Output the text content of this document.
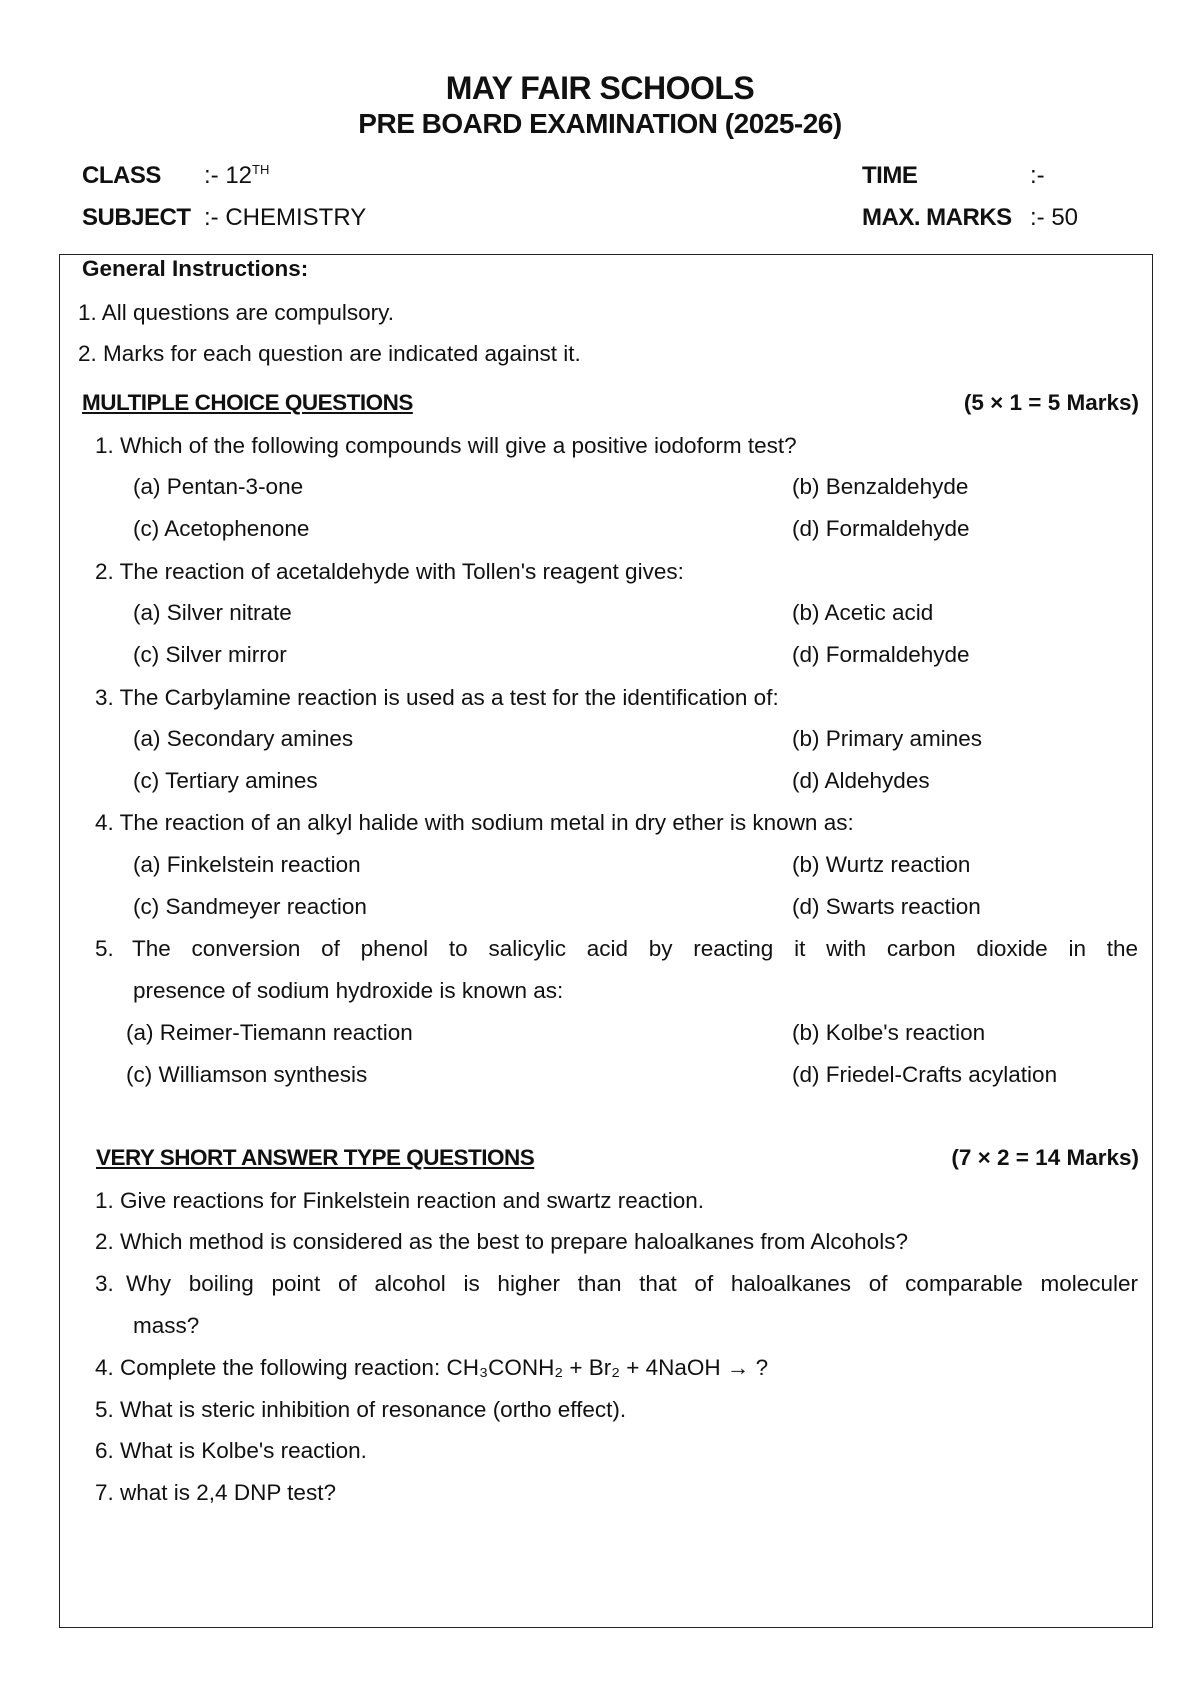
MAY FAIR SCHOOLS
PRE BOARD EXAMINATION (2025-26)
CLASS :- 12TH
SUBJECT :- CHEMISTRY
TIME	:-
MAX. MARKS :- 50
General Instructions:
1. All questions are compulsory.
2. Marks for each question are indicated against it.
MULTIPLE CHOICE QUESTIONS	(5 × 1 = 5 Marks)
1. Which of the following compounds will give a positive iodoform test?
(a) Pentan-3-one	(b) Benzaldehyde
(c) Acetophenone	(d) Formaldehyde
2. The reaction of acetaldehyde with Tollen's reagent gives:
(a) Silver nitrate	(b) Acetic acid
(c) Silver mirror	(d) Formaldehyde
3. The Carbylamine reaction is used as a test for the identification of:
(a) Secondary amines	(b) Primary amines
(c) Tertiary amines	(d) Aldehydes
4. The reaction of an alkyl halide with sodium metal in dry ether is known as:
(a) Finkelstein reaction	(b) Wurtz reaction
(c) Sandmeyer reaction	(d) Swarts reaction
5. The conversion of phenol to salicylic acid by reacting it with carbon dioxide in the
presence of sodium hydroxide is known as:
(a) Reimer-Tiemann reaction	(b) Kolbe's reaction
(c) Williamson synthesis	(d) Friedel-Crafts acylation
VERY SHORT ANSWER TYPE QUESTIONS	(7 × 2 = 14 Marks)
1. Give reactions for Finkelstein reaction and swartz reaction.
2. Which method is considered as the best to prepare haloalkanes from Alcohols?
3. Why boiling point of alcohol is higher than that of haloalkanes of comparable moleculer
mass?
4. Complete the following reaction: CH₃CONH₂ + Br₂ + 4NaOH → ?
5. What is steric inhibition of resonance (ortho effect).
6. What is Kolbe's reaction.
7. what is 2,4 DNP test?
